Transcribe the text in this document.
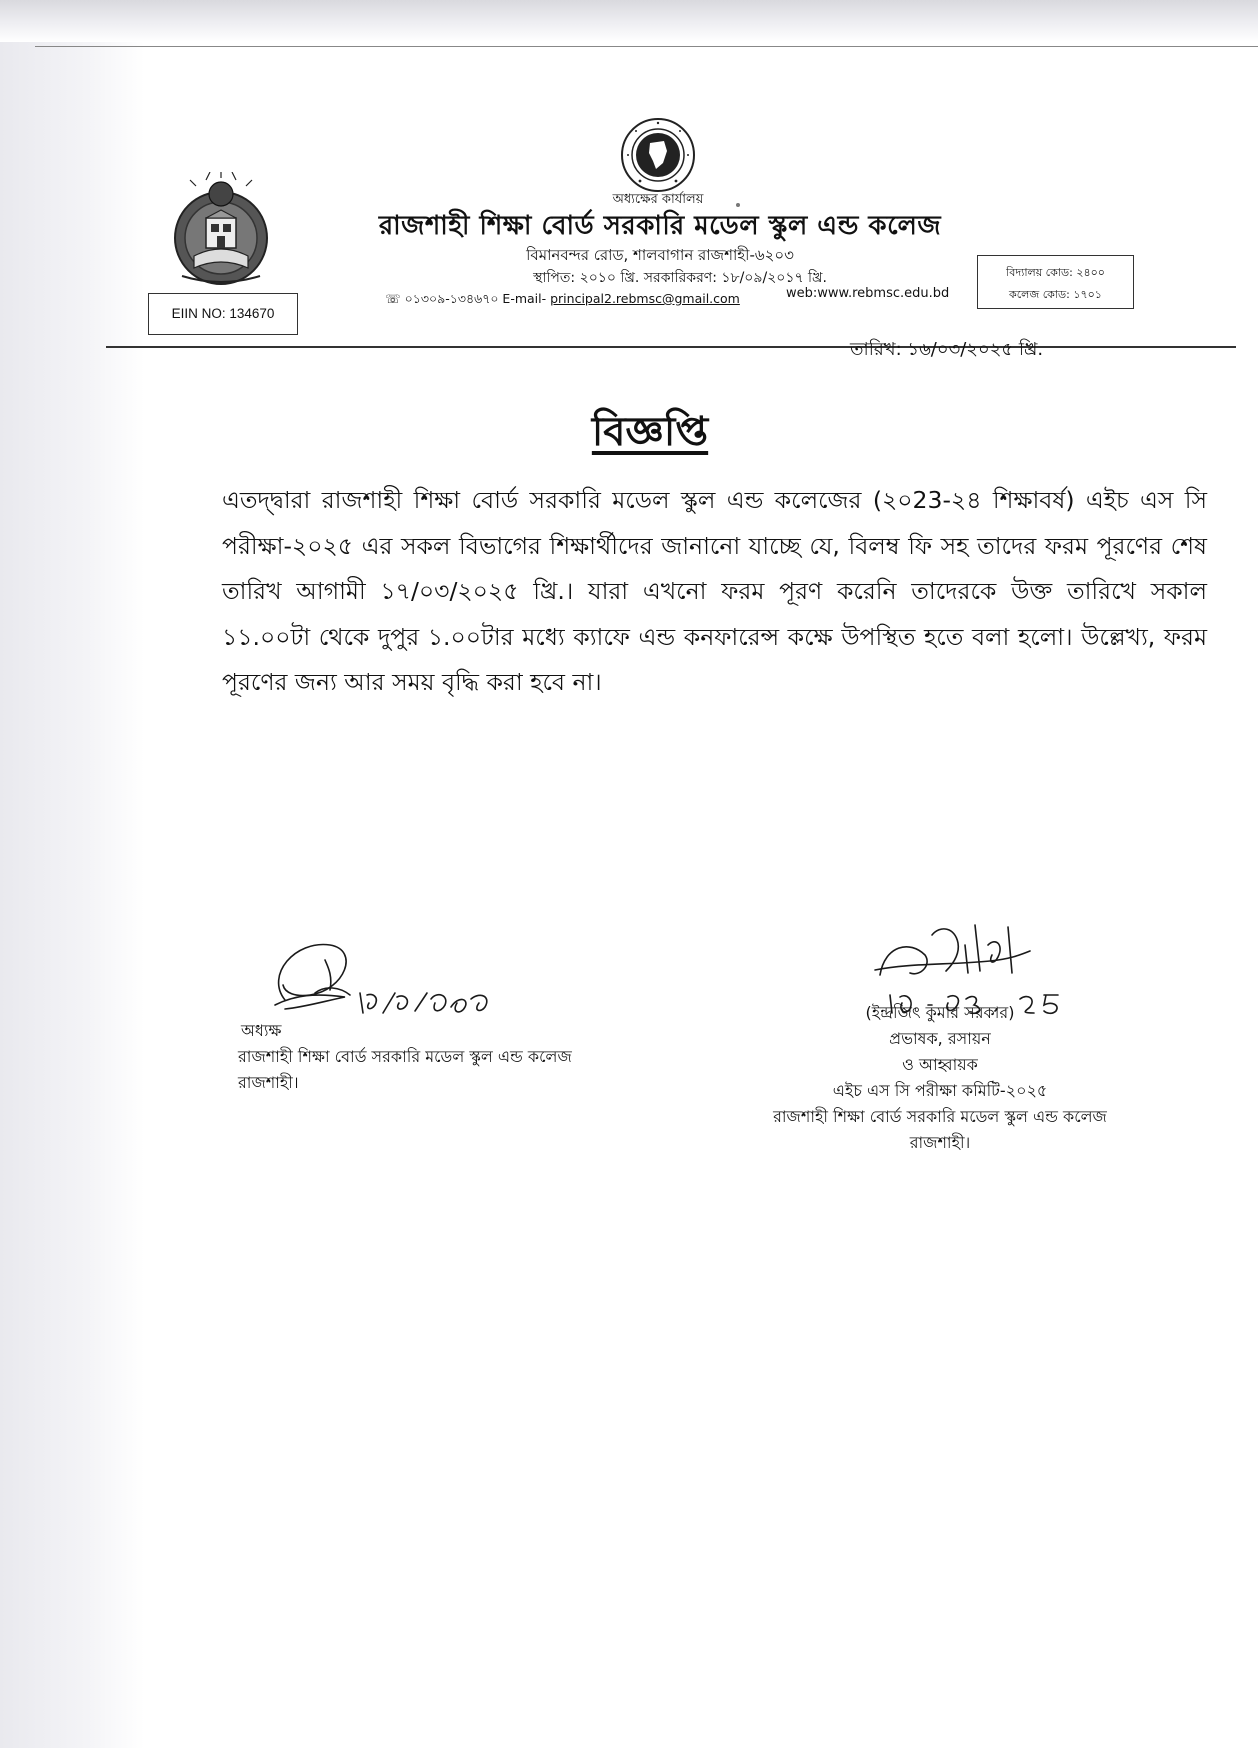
অধ্যক্ষের কার্যালয়
রাজশাহী শিক্ষা বোর্ড সরকারি মডেল স্কুল এন্ড কলেজ
বিমানবন্দর রোড, শালবাগান রাজশাহী-৬২০৩
স্থাপিত: ২০১০ খ্রি. সরকারিকরণ: ১৮/০৯/২০১৭ খ্রি.
☏ ০১৩০৯-১৩৪৬৭০ E-mail- principal2.rebmsc@gmail.com	web:www.rebmsc.edu.bd
EIIN NO: 134670
বিদ্যালয় কোড: ২৪০০
কলেজ কোড: ১৭০১
তারিখ: ১৬/০৩/২০২৫ খ্রি.
বিজ্ঞপ্তি
এতদ্দ্বারা রাজশাহী শিক্ষা বোর্ড সরকারি মডেল স্কুল এন্ড কলেজের (২০23-২৪ শিক্ষাবর্ষ) এইচ এস সি পরীক্ষা-২০২৫ এর সকল বিভাগের শিক্ষার্থীদের জানানো যাচ্ছে যে, বিলম্ব ফি সহ তাদের ফরম পূরণের শেষ তারিখ আগামী ১৭/০৩/২০২৫ খ্রি.। যারা এখনো ফরম পূরণ করেনি তাদেরকে উক্ত তারিখে সকাল ১১.০০টা থেকে দুপুর ১.০০টার মধ্যে ক্যাফে এন্ড কনফারেন্স কক্ষে উপস্থিত হতে বলা হলো। উল্লেখ্য, ফরম পূরণের জন্য আর সময় বৃদ্ধি করা হবে না।
অধ্যক্ষ
রাজশাহী শিক্ষা বোর্ড সরকারি মডেল স্কুল এন্ড কলেজ
রাজশাহী।
(ইন্দ্রজিৎ কুমার সরকার)
প্রভাষক, রসায়ন
ও আহ্বায়ক
এইচ এস সি পরীক্ষা কমিটি-২০২৫
রাজশাহী শিক্ষা বোর্ড সরকারি মডেল স্কুল এন্ড কলেজ
রাজশাহী।
